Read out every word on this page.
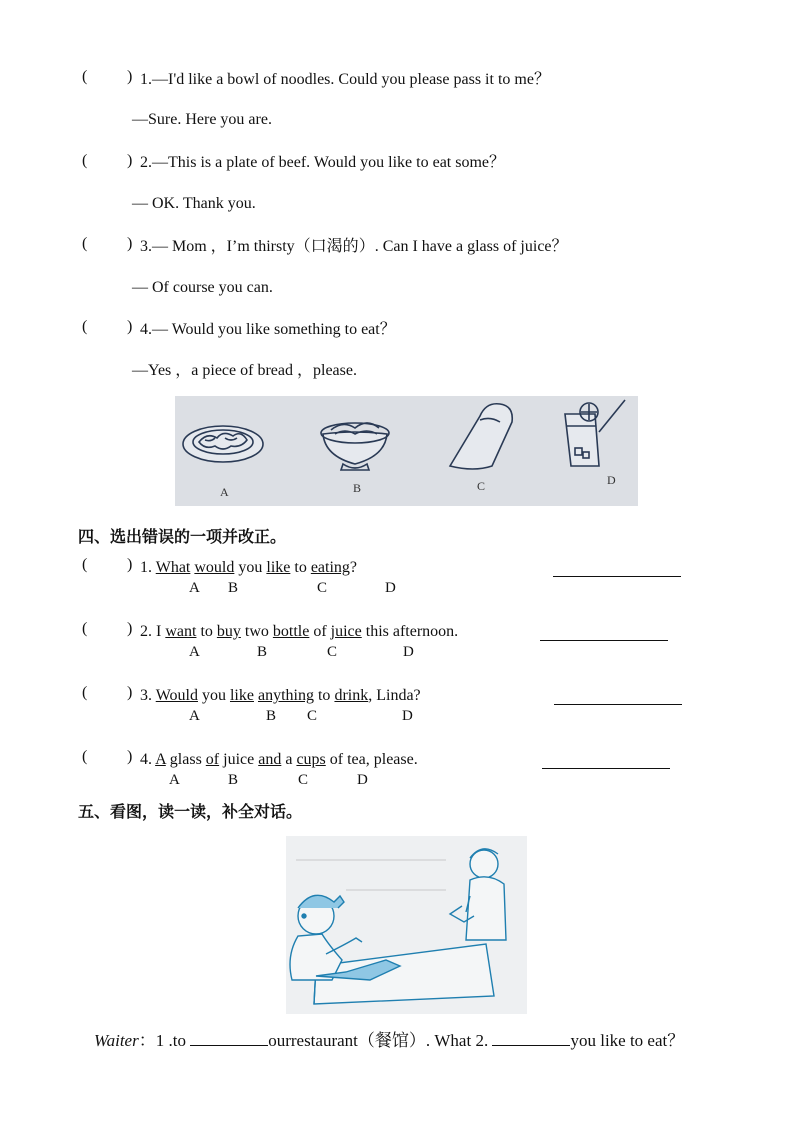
( ) 1.—I'd like a bowl of noodles. Could you please pass it to me？
—Sure. Here you are.
( ) 2.—This is a plate of beef. Would you like to eat some？
— OK. Thank you.
( ) 3.— Mom ，I’m thirsty（口渴的）. Can I have a glass of juice？
— Of course you can.
( ) 4.— Would you like something to eat？
—Yes ，a piece of bread ，please.
A	B	C	D
四、选出错误的一项并改正。
( ) 1. What would you like to eating?
A B	C	D
( ) 2. I want to buy two bottle of juice this afternoon.
A	B	C	D
( ) 3. Would you like anything to drink, Linda?
A	B C	D
( ) 4. A glass of juice and a cups of tea, please.
A	B	C	D
五、看图，读一读，补全对话。
Waiter：1 .to	ourrestaurant（餐馆）. What 2.	you like to eat？
